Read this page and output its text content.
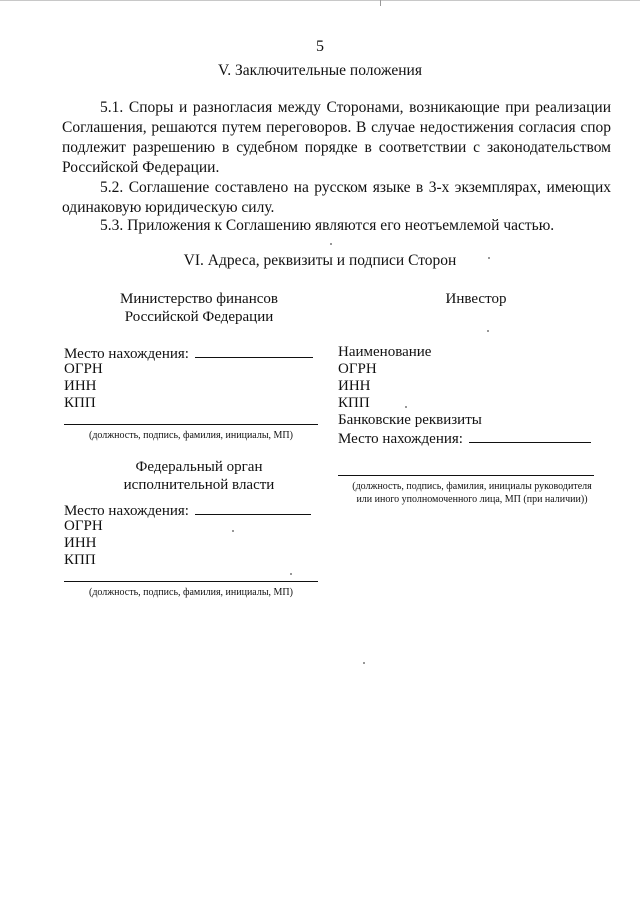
5
V. Заключительные положения

5.1. Споры и разногласия между Сторонами, возникающие при реализации Соглашения, решаются путем переговоров. В случае недостижения согласия спор подлежит разрешению в судебном порядке в соответствии с законодательством Российской Федерации.

5.2. Соглашение составлено на русском языке в 3-х экземплярах, имеющих одинаковую юридическую силу.

5.3. Приложения к Соглашению являются его неотъемлемой частью.

VI. Адреса, реквизиты и подписи Сторон
Министерство финансов
Российской Федерации
Место нахождения:
ОГРН
ИНН
КПП
(должность, подпись, фамилия, инициалы, МП)
Инвестор
Наименование
ОГРН
ИНН
КПП
Банковские реквизиты
Место нахождения:
(должность, подпись, фамилия, инициалы руководителя
или иного уполномоченного лица, МП (при наличии))
Федеральный орган
исполнительной власти
Место нахождения:
ОГРН
ИНН
КПП
(должность, подпись, фамилия, инициалы, МП)
